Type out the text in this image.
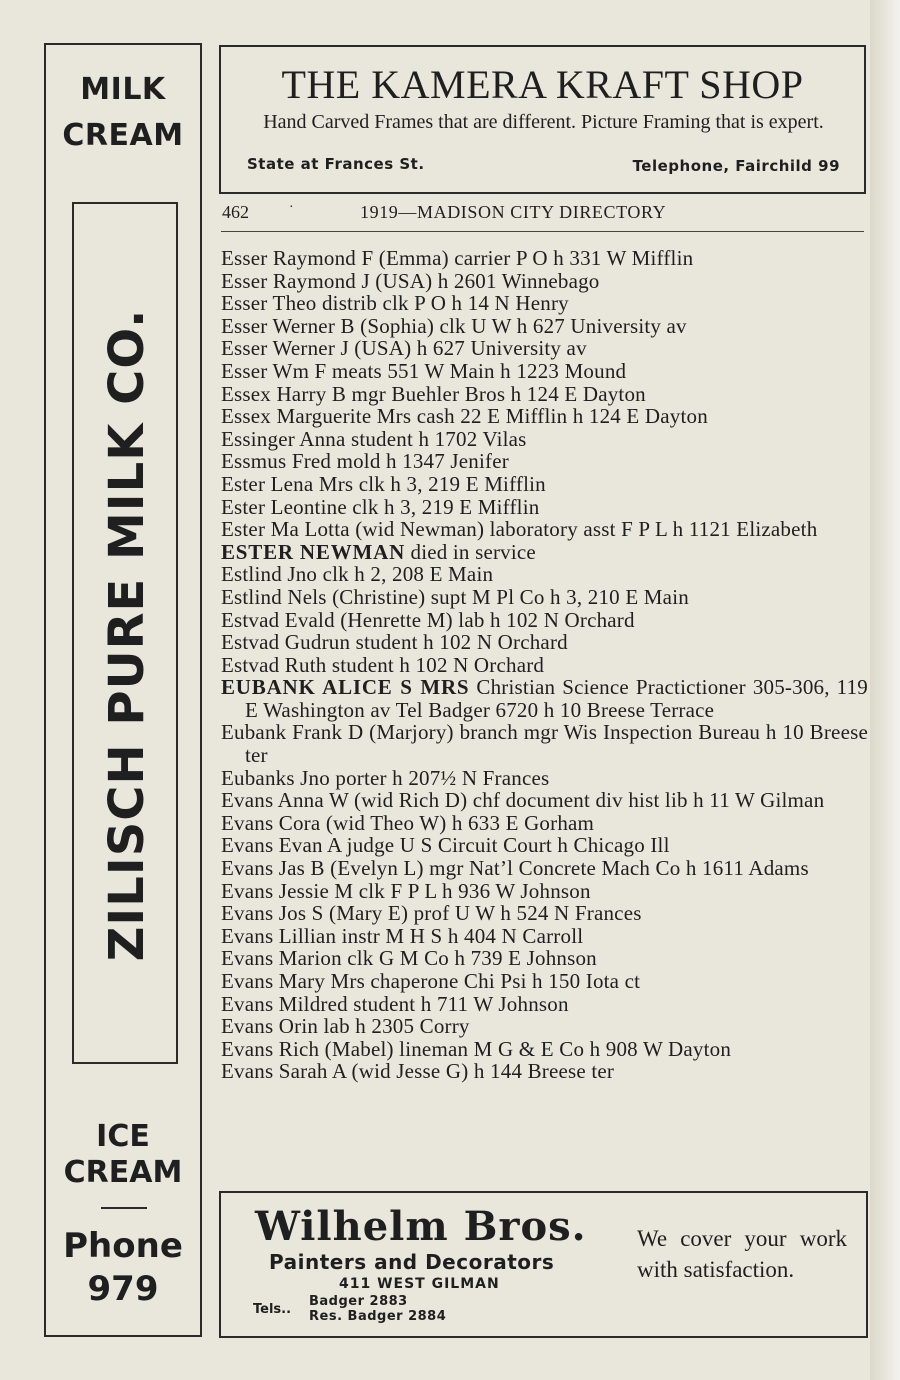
MILK
CREAM
ZILISCH PURE MILK CO.
ICE
CREAM
Phone
979
THE KAMERA KRAFT SHOP
Hand Carved Frames that are different. Picture Framing that is expert.
State at Frances St.	Telephone, Fairchild 99
462	·	1919—MADISON CITY DIRECTORY
Esser Raymond F (Emma) carrier P O h 331 W Mifflin
Esser Raymond J (USA) h 2601 Winnebago
Esser Theo distrib clk P O h 14 N Henry
Esser Werner B (Sophia) clk U W h 627 University av
Esser Werner J (USA) h 627 University av
Esser Wm F meats 551 W Main h 1223 Mound
Essex Harry B mgr Buehler Bros h 124 E Dayton
Essex Marguerite Mrs cash 22 E Mifflin h 124 E Dayton
Essinger Anna student h 1702 Vilas
Essmus Fred mold h 1347 Jenifer
Ester Lena Mrs clk h 3, 219 E Mifflin
Ester Leontine clk h 3, 219 E Mifflin
Ester Ma Lotta (wid Newman) laboratory asst F P L h 1121 Elizabeth
ESTER NEWMAN died in service
Estlind Jno clk h 2, 208 E Main
Estlind Nels (Christine) supt M Pl Co h 3, 210 E Main
Estvad Evald (Henrette M) lab h 102 N Orchard
Estvad Gudrun student h 102 N Orchard
Estvad Ruth student h 102 N Orchard
EUBANK ALICE S MRS Christian Science Practictioner 305-306, 119 E Washington av Tel Badger 6720 h 10 Breese Terrace
Eubank Frank D (Marjory) branch mgr Wis Inspection Bureau h 10 Breese ter
Eubanks Jno porter h 207½ N Frances
Evans Anna W (wid Rich D) chf document div hist lib h 11 W Gilman
Evans Cora (wid Theo W) h 633 E Gorham
Evans Evan A judge U S Circuit Court h Chicago Ill
Evans Jas B (Evelyn L) mgr Nat’l Concrete Mach Co h 1611 Adams
Evans Jessie M clk F P L h 936 W Johnson
Evans Jos S (Mary E) prof U W h 524 N Frances
Evans Lillian instr M H S h 404 N Carroll
Evans Marion clk G M Co h 739 E Johnson
Evans Mary Mrs chaperone Chi Psi h 150 Iota ct
Evans Mildred student h 711 W Johnson
Evans Orin lab h 2305 Corry
Evans Rich (Mabel) lineman M G & E Co h 908 W Dayton
Evans Sarah A (wid Jesse G) h 144 Breese ter
Wilhelm Bros.
Painters and Decorators
411 WEST GILMAN
Tels..
Badger 2883
Res. Badger 2884
We cover your work with satisfaction.
